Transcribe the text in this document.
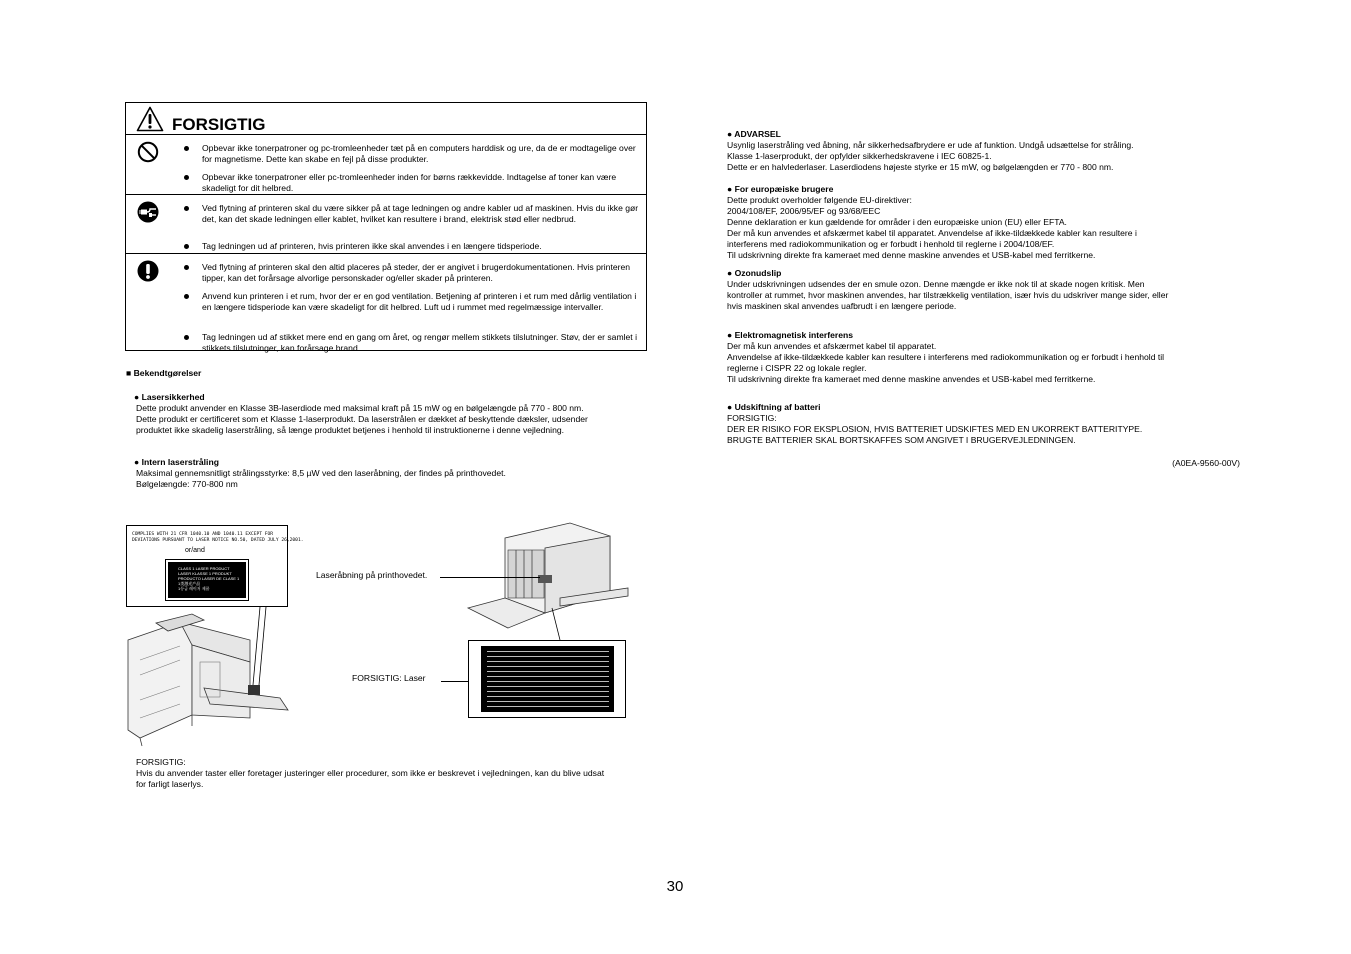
FORSIGTIG
Opbevar ikke tonerpatroner og pc-tromleenheder tæt på en computers harddisk og ure, da de er modtagelige over for magnetisme. Dette kan skabe en fejl på disse produkter.
Opbevar ikke tonerpatroner eller pc-tromleenheder inden for børns rækkevidde. Indtagelse af toner kan være skadeligt for dit helbred.
Ved flytning af printeren skal du være sikker på at tage ledningen og andre kabler ud af maskinen. Hvis du ikke gør det, kan det skade ledningen eller kablet, hvilket kan resultere i brand, elektrisk stød eller nedbrud.
Tag ledningen ud af printeren, hvis printeren ikke skal anvendes i en længere tidsperiode.
Ved flytning af printeren skal den altid placeres på steder, der er angivet i brugerdokumentationen. Hvis printeren tipper, kan det forårsage alvorlige personskader og/eller skader på printeren.
Anvend kun printeren i et rum, hvor der er en god ventilation. Betjening af printeren i et rum med dårlig ventilation i en længere tidsperiode kan være skadeligt for dit helbred. Luft ud i rummet med regelmæssige intervaller.
Tag ledningen ud af stikket mere end en gang om året, og rengør mellem stikkets tilslutninger. Støv, der er samlet i stikkets tilslutninger, kan forårsage brand.
■ Bekendtgørelser
● Lasersikkerhed
Dette produkt anvender en Klasse 3B-laserdiode med maksimal kraft på 15 mW og en bølgelængde på 770 - 800 nm.
Dette produkt er certificeret som et Klasse 1-laserprodukt. Da laserstrålen er dækket af beskyttende dæksler, udsender
produktet ikke skadelig laserstråling, så længe produktet betjenes i henhold til instruktionerne i denne vejledning.
● Intern laserstråling
Maksimal gennemsnitligt strålingsstyrke: 8,5 µW ved den laseråbning, der findes på printhovedet.
Bølgelængde: 770-800 nm
COMPLIES WITH 21 CFR 1040.10 AND 1040.11 EXCEPT FOR
DEVIATIONS PURSUANT TO LASER NOTICE NO.50, DATED JULY 26,2001.
or/and
CLASS 1 LASER PRODUCT
LASER KLASSE 1 PRODUKT
PRODUCTO LASER DE CLASE 1
1类激光产品
1등급 레이저 제품
Laseråbning på printhovedet.
FORSIGTIG: Laser
FORSIGTIG:
Hvis du anvender taster eller foretager justeringer eller procedurer, som ikke er beskrevet i vejledningen, kan du blive udsat
for farligt laserlys.
● ADVARSEL
Usynlig laserstråling ved åbning, når sikkerhedsafbrydere er ude af funktion. Undgå udsættelse for stråling.
Klasse 1-laserprodukt, der opfylder sikkerhedskravene i IEC 60825-1.
Dette er en halvlederlaser. Laserdiodens højeste styrke er 15 mW, og bølgelængden er 770 - 800 nm.
● For europæiske brugere
Dette produkt overholder følgende EU-direktiver:
2004/108/EF, 2006/95/EF og 93/68/EEC
Denne deklaration er kun gældende for områder i den europæiske union (EU) eller EFTA.
Der må kun anvendes et afskærmet kabel til apparatet. Anvendelse af ikke-tildækkede kabler kan resultere i
interferens med radiokommunikation og er forbudt i henhold til reglerne i 2004/108/EF.
Til udskrivning direkte fra kameraet med denne maskine anvendes et USB-kabel med ferritkerne.
● Ozonudslip
Under udskrivningen udsendes der en smule ozon. Denne mængde er ikke nok til at skade nogen kritisk. Men
kontroller at rummet, hvor maskinen anvendes, har tilstrækkelig ventilation, især hvis du udskriver mange sider, eller
hvis maskinen skal anvendes uafbrudt i en længere periode.
● Elektromagnetisk interferens
Der må kun anvendes et afskærmet kabel til apparatet.
Anvendelse af ikke-tildækkede kabler kan resultere i interferens med radiokommunikation og er forbudt i henhold til
reglerne i CISPR 22 og lokale regler.
Til udskrivning direkte fra kameraet med denne maskine anvendes et USB-kabel med ferritkerne.
● Udskiftning af batteri
FORSIGTIG:
DER ER RISIKO FOR EKSPLOSION, HVIS BATTERIET UDSKIFTES MED EN UKORREKT BATTERITYPE.
BRUGTE BATTERIER SKAL BORTSKAFFES SOM ANGIVET I BRUGERVEJLEDNINGEN.
(A0EA-9560-00V)
30
